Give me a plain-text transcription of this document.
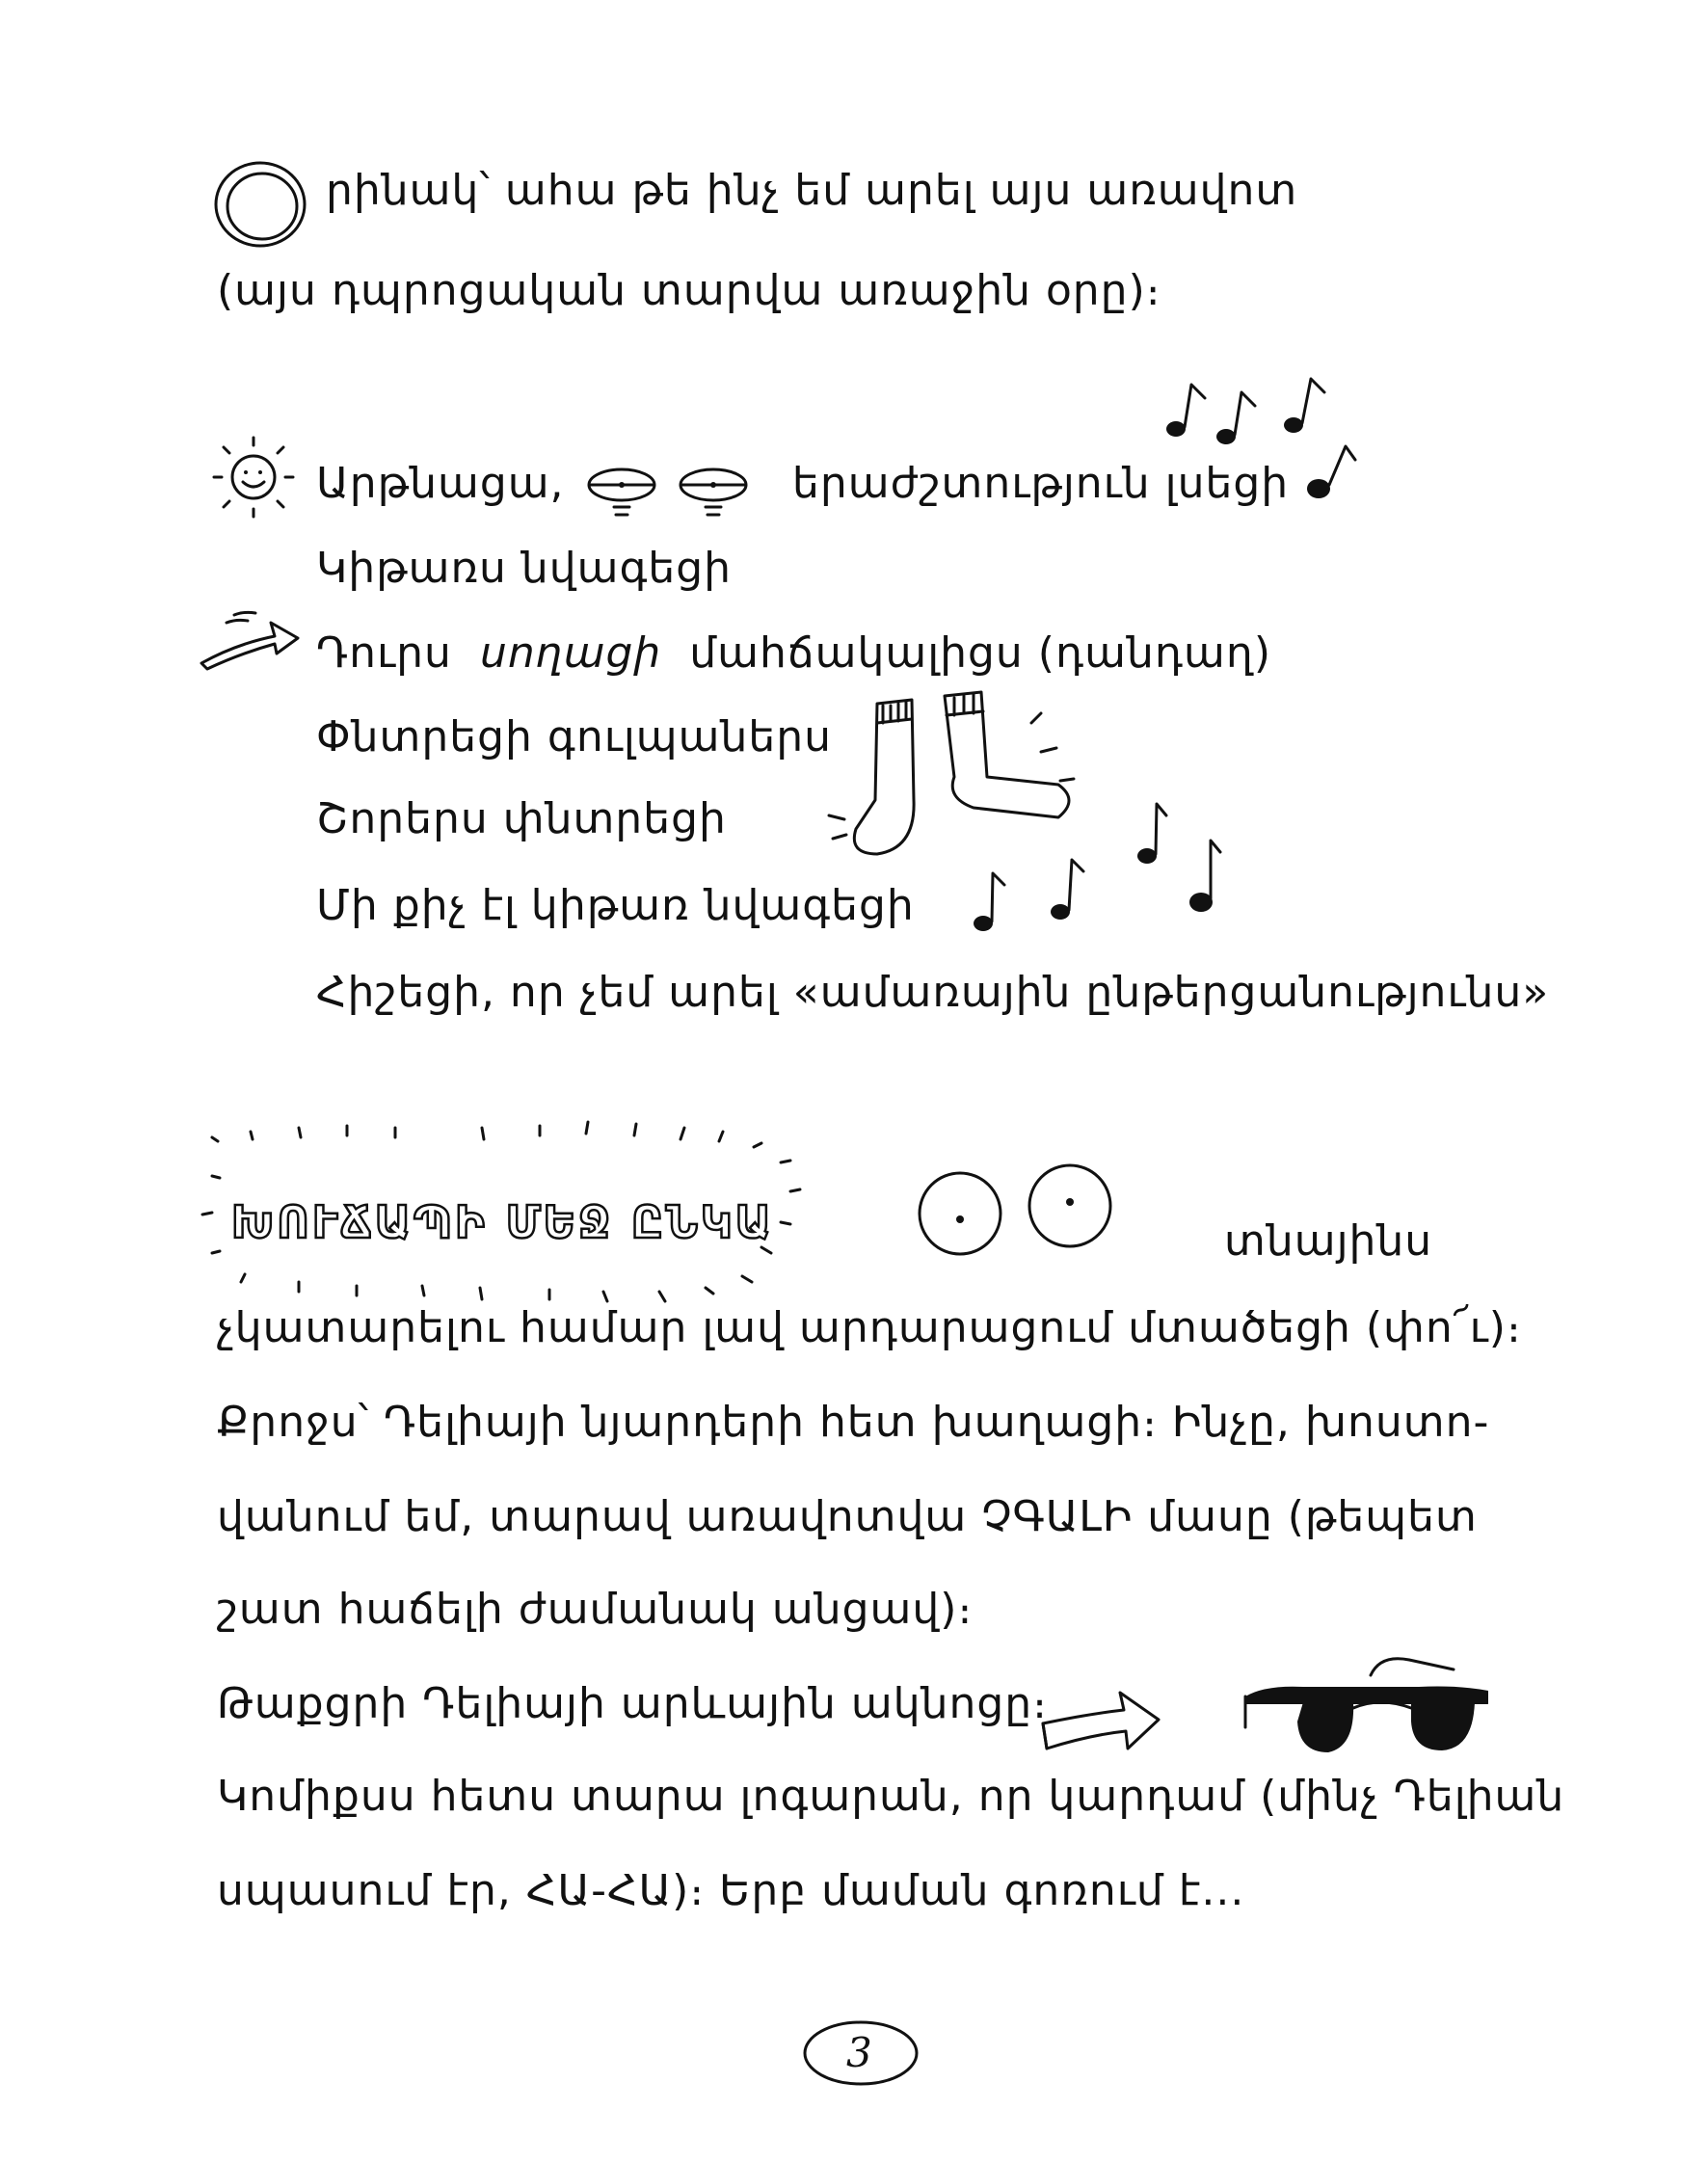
րինակ՝ ահա թե ինչ եմ արել այս առավոտ
(այս դպրոցական տարվա առաջին օրը)։
Արթնացա,	երաժշտություն լսեցի
Կիթառս նվագեցի
Դուրս սողացի մահճակալիցս (դանդաղ)
Փնտրեցի գուլպաներս
Շորերս փնտրեցի
Մի քիչ էլ կիթառ նվագեցի
Հիշեցի, որ չեմ արել «ամառային ընթերցանությունս»
ԽՈՒՃԱՊԻ ՄԵՋ ԸՆԿԱ	տնայինս
չկատարելու համար լավ արդարացում մտածեցի (փո՜ւ)։
Քրոջս՝ Դելիայի նյարդերի հետ խաղացի։ Ինչը, խոստո-
վանում եմ, տարավ առավոտվա ՉԳԱԼԻ մասը (թեպետ
շատ հաճելի ժամանակ անցավ)։
Թաքցրի Դելիայի արևային ակնոցը։
Կոմիքսս հետս տարա լոգարան, որ կարդամ (մինչ Դելիան
սպասում էր, ՀԱ-ՀԱ)։ Երբ մաման գոռում է...
3
